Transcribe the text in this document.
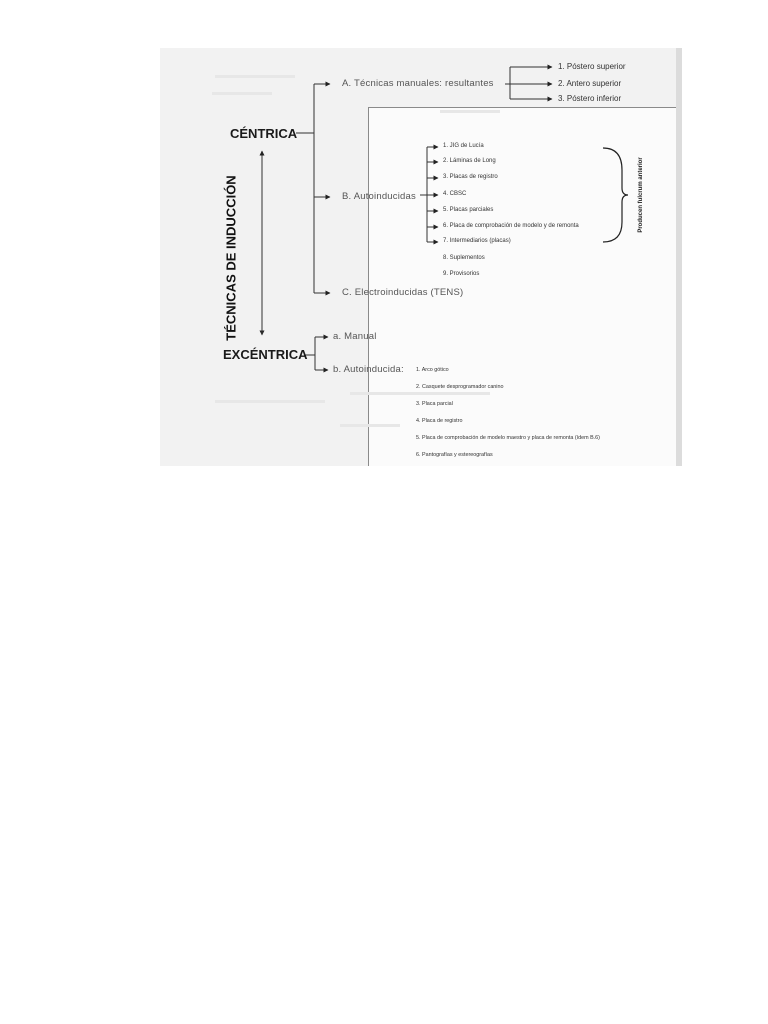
TÉCNICAS DE INDUCCIÓN
CÉNTRICA
A. Técnicas manuales: resultantes
1. Póstero superior
2. Antero superior
3. Póstero inferior
B. Autoinducidas
1. JIG de Lucía
2. Láminas de Long
3. Placas de registro
4. CBSC
5. Placas parciales
6. Placa de comprobación de modelo y de remonta
7. Intermediarios (placas)
8. Suplementos
9. Provisorios
Producen fulcrum anterior
C. Electroinducidas (TENS)
EXCÉNTRICA
a. Manual
b. Autoinducida: 1. Arco gótico
2. Casquete desprogramador canino
3. Placa parcial
4. Placa de registro
5. Placa de comprobación de modelo maestro y placa de remonta (ídem B.6)
6. Pantografías y estereografías
